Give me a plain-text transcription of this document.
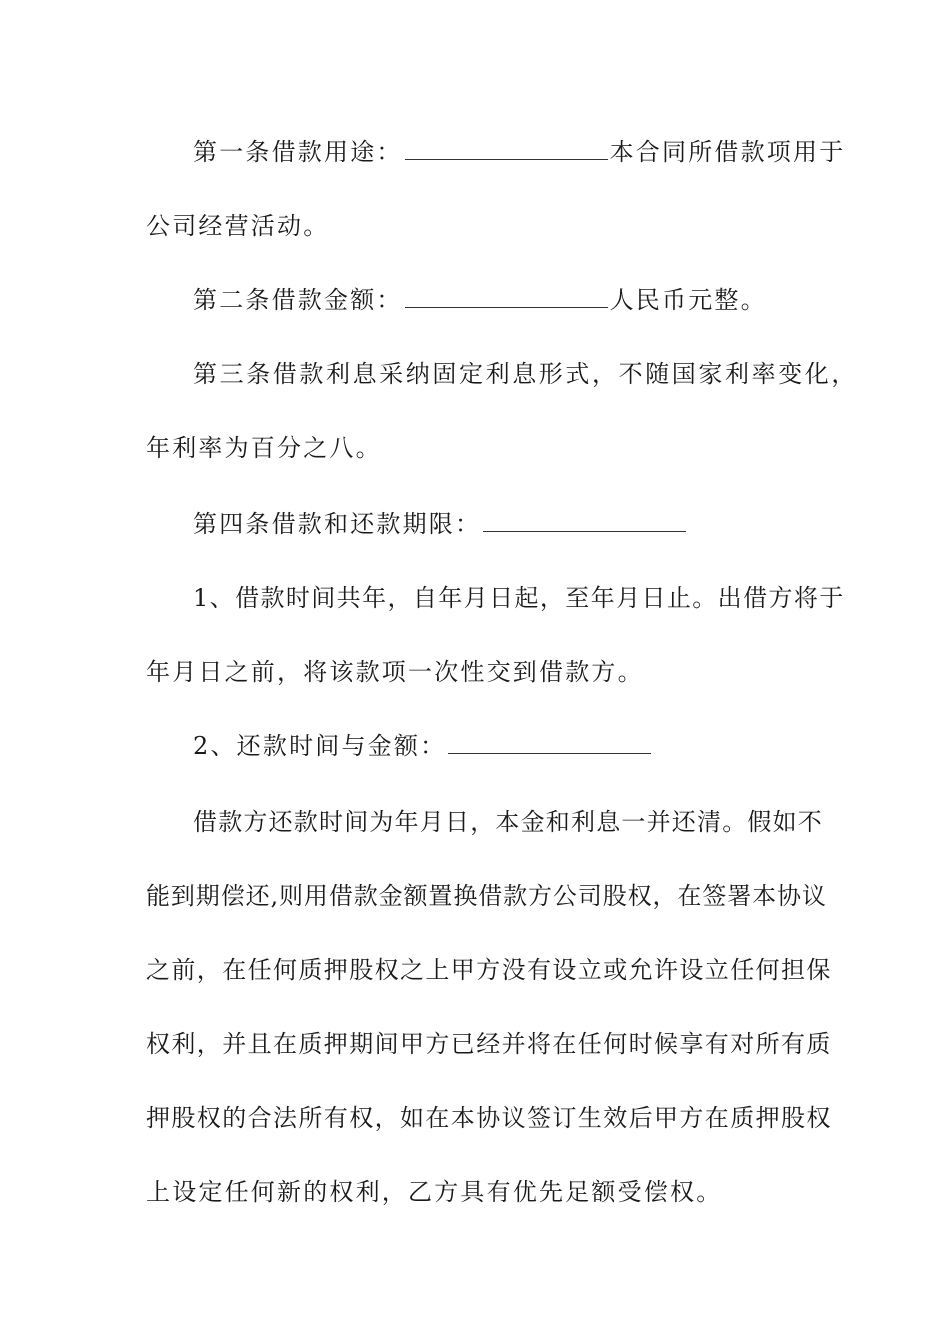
第一条借款用途：	本合同所借款项用于
公司经营活动。
第二条借款金额：	人民币元整。
第三条借款利息采纳固定利息形式，不随国家利率变化，
年利率为百分之八。
第四条借款和还款期限：
1、借款时间共年，自年月日起，至年月日止。出借方将于
年月日之前，将该款项一次性交到借款方。
2、还款时间与金额：
借款方还款时间为年月日，本金和利息一并还清。假如不
能到期偿还,则用借款金额置换借款方公司股权，在签署本协议
之前，在任何质押股权之上甲方没有设立或允许设立任何担保
权利，并且在质押期间甲方已经并将在任何时候享有对所有质
押股权的合法所有权，如在本协议签订生效后甲方在质押股权
上设定任何新的权利，乙方具有优先足额受偿权。
